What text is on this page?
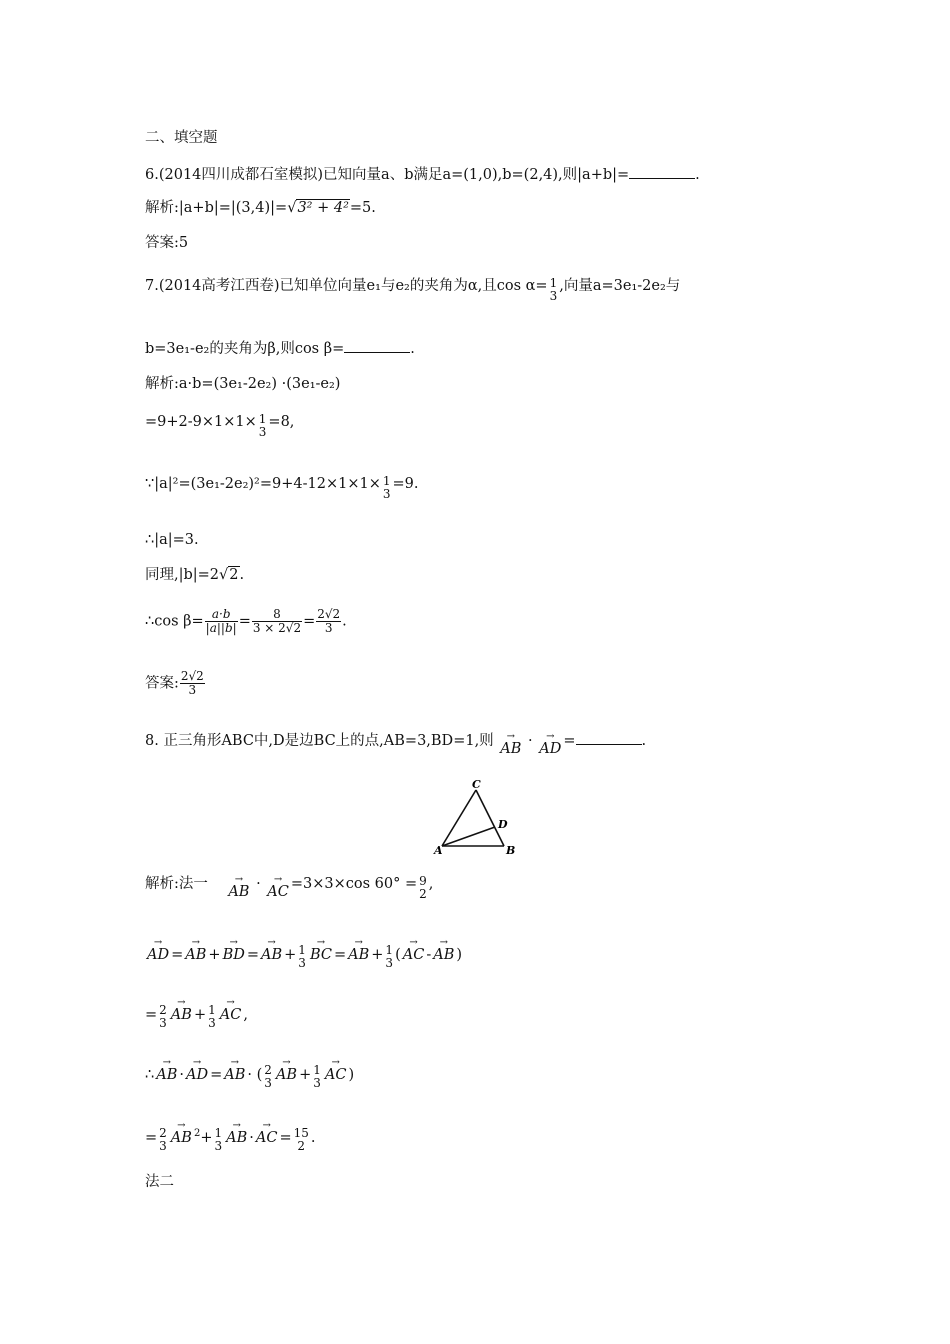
二、填空题
6.(2014四川成都石室模拟)已知向量a、b满足a=(1,0),b=(2,4),则|a+b|=	.
解析:|a+b|=|(3,4)|=√3² + 4²=5.
答案:5
7.(2014高考江西卷)已知单位向量e₁与e₂的夹角为α,且cos α= 1
3
,向量a=3e₁-2e₂与
b=3e₁-e₂的夹角为β,则cos β=	.
解析:a·b=(3e₁-2e₂) ·(3e₁-e₂)
=9+2-9×1×1× 1
3
=8,
∵|a|²=(3e₁-2e₂)²=9+4-12×1×1× 1
3
=9.
∴|a|=3.
同理,|b|=2√2.
∴cos $\beta= \frac{a\cdot b}{|a||b|} = \frac{8}{3 \times 2√2} = \frac{2√2}{3}$ .
答案: $\frac{2√2}{3}$
8. 正三角形ABC中,D是边BC上的点,AB=3,BD=1,则 → AB · → AD =	.
C
D
A	B
解析:法一 → AB · → AC =3×3×cos 60° = 9
2
,
→ AD = → AB + → BD = → AB + 1
3 → BC = → AB + 1
3 ( → AC - → AB )
= 2
3 → AB + 1
3 → AC ,
∴ → AB · → AD = → AB · ( 2
3 → AB + 1
3 → AC )
= 2
3 → AB $^2$+ 1
3 → AB · → AC = 15
2 .
法二
